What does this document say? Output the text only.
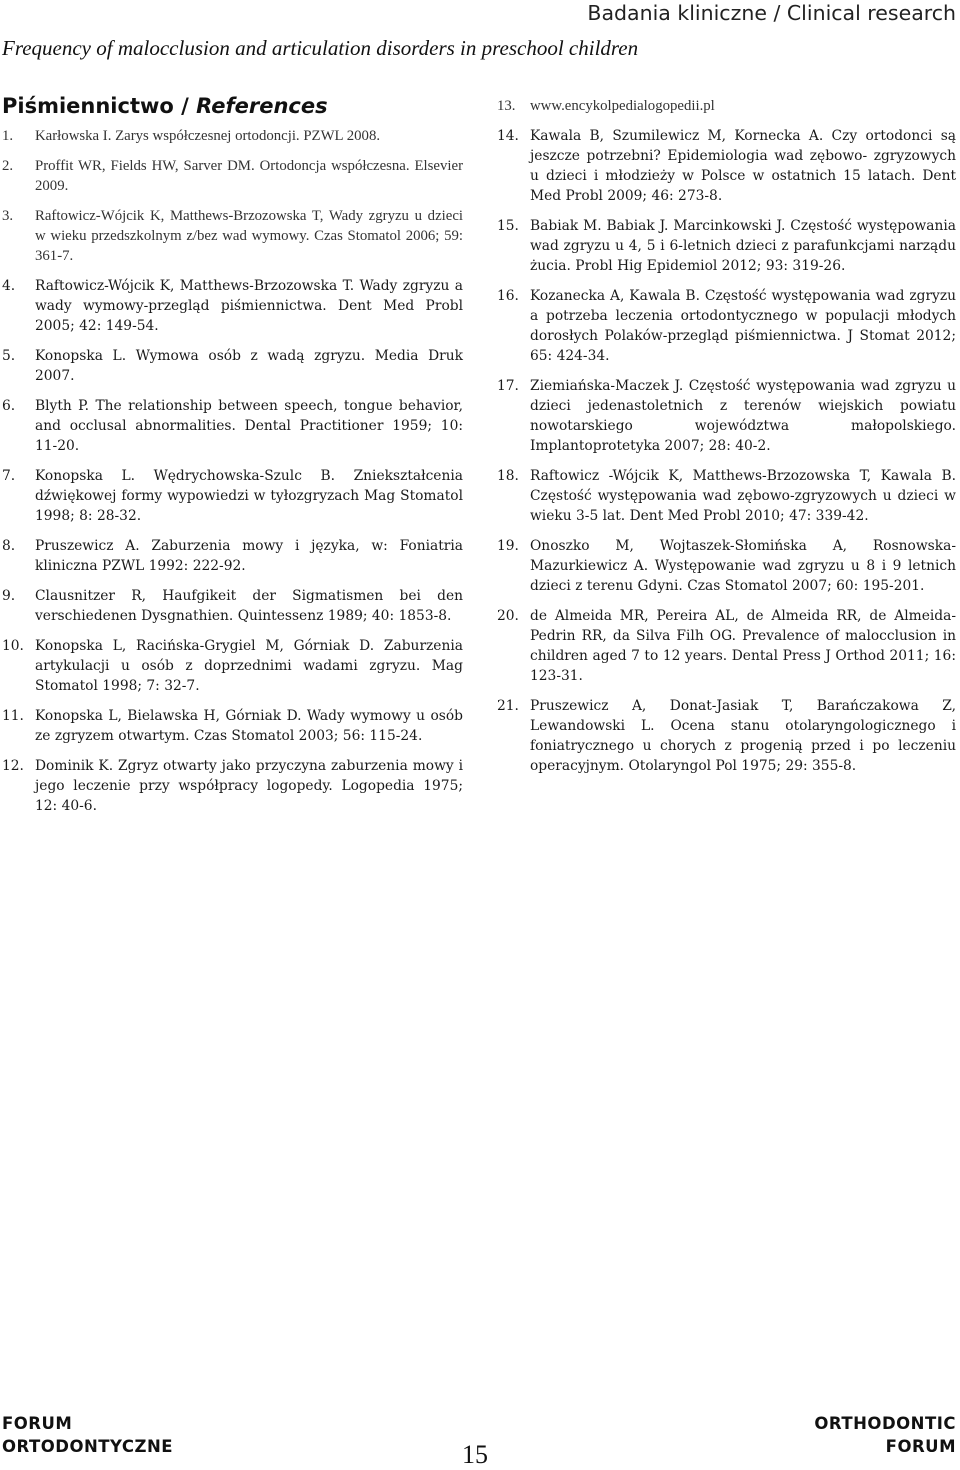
Badania kliniczne / Clinical research
Frequency of malocclusion and articulation disorders in preschool children
Piśmiennictwo / References
1.	Karłowska I. Zarys współczesnej ortodoncji. PZWL 2008.
2.	Proffit WR, Fields HW, Sarver DM. Ortodoncja współczesna. Elsevier 2009.
3.	Raftowicz-Wójcik K, Matthews-Brzozowska T, Wady zgryzu u dzieci w wieku przedszkolnym z/bez wad wymowy. Czas Stomatol 2006; 59: 361-7.
4.	Raftowicz-Wójcik K, Matthews-Brzozowska T. Wady zgryzu a wady wymowy-przegląd piśmiennictwa. Dent Med Probl 2005; 42: 149-54.
5.	Konopska L. Wymowa osób z wadą zgryzu. Media Druk 2007.
6.	Blyth P. The relationship between speech, tongue behavior, and occlusal abnormalities. Dental Practitioner 1959; 10: 11-20.
7.	Konopska L. Wędrychowska-Szulc B. Zniekształcenia dźwiękowej formy wypowiedzi w tyłozgryzach Mag Stomatol 1998; 8: 28-32.
8.	Pruszewicz A. Zaburzenia mowy i języka, w: Foniatria kliniczna PZWL 1992: 222-92.
9.	Clausnitzer R, Haufgikeit der Sigmatismen bei den verschiedenen Dysgnathien. Quintessenz 1989; 40: 1853-8.
10. Konopska L, Racińska-Grygiel M, Górniak D. Zaburzenia artykulacji u osób z doprzednimi wadami zgryzu. Mag Stomatol 1998; 7: 32-7.
11. Konopska L, Bielawska H, Górniak D. Wady wymowy u osób ze zgryzem otwartym. Czas Stomatol 2003; 56: 115-24.
12. Dominik K. Zgryz otwarty jako przyczyna zaburzenia mowy i jego leczenie przy współpracy logopedy. Logopedia 1975; 12: 40-6.
13. www.encykolpedialogopedii.pl
14. Kawala B, Szumilewicz M, Kornecka A. Czy ortodonci są jeszcze potrzebni? Epidemiologia wad zębowo- zgryzowych u dzieci i młodzieży w Polsce w ostatnich 15 latach. Dent Med Probl 2009; 46: 273-8.
15. Babiak M. Babiak J. Marcinkowski J. Częstość występowania wad zgryzu u 4, 5 i 6-letnich dzieci z parafunkcjami narządu żucia. Probl Hig Epidemiol 2012; 93: 319-26.
16. Kozanecka A, Kawala B. Częstość występowania wad zgryzu a potrzeba leczenia ortodontycznego w populacji młodych dorosłych Polaków-przegląd piśmiennictwa. J Stomat 2012; 65: 424-34.
17. Ziemiańska-Maczek J. Częstość występowania wad zgryzu u dzieci jedenastoletnich z terenów wiejskich powiatu nowotarskiego województwa małopolskiego. Implantoprotetyka 2007; 28: 40-2.
18. Raftowicz -Wójcik K, Matthews-Brzozowska T, Kawala B. Częstość występowania wad zębowo-zgryzowych u dzieci w wieku 3-5 lat. Dent Med Probl 2010; 47: 339-42.
19. Onoszko M, Wojtaszek-Słomińska A, Rosnowska-Mazurkiewicz A. Występowanie wad zgryzu u 8 i 9 letnich dzieci z terenu Gdyni. Czas Stomatol 2007; 60: 195-201.
20. de Almeida MR, Pereira AL, de Almeida RR, de Almeida-Pedrin RR, da Silva Filh OG. Prevalence of malocclusion in children aged 7 to 12 years. Dental Press J Orthod 2011; 16: 123-31.
21. Pruszewicz A, Donat-Jasiak T, Barańczakowa Z, Lewandowski L. Ocena stanu otolaryngologicznego i foniatrycznego u chorych z progenią przed i po leczeniu operacyjnym. Otolaryngol Pol 1975; 29: 355-8.
FORUM
ORTODONTYCZNE	15
ORTHODONTIC
FORUM
